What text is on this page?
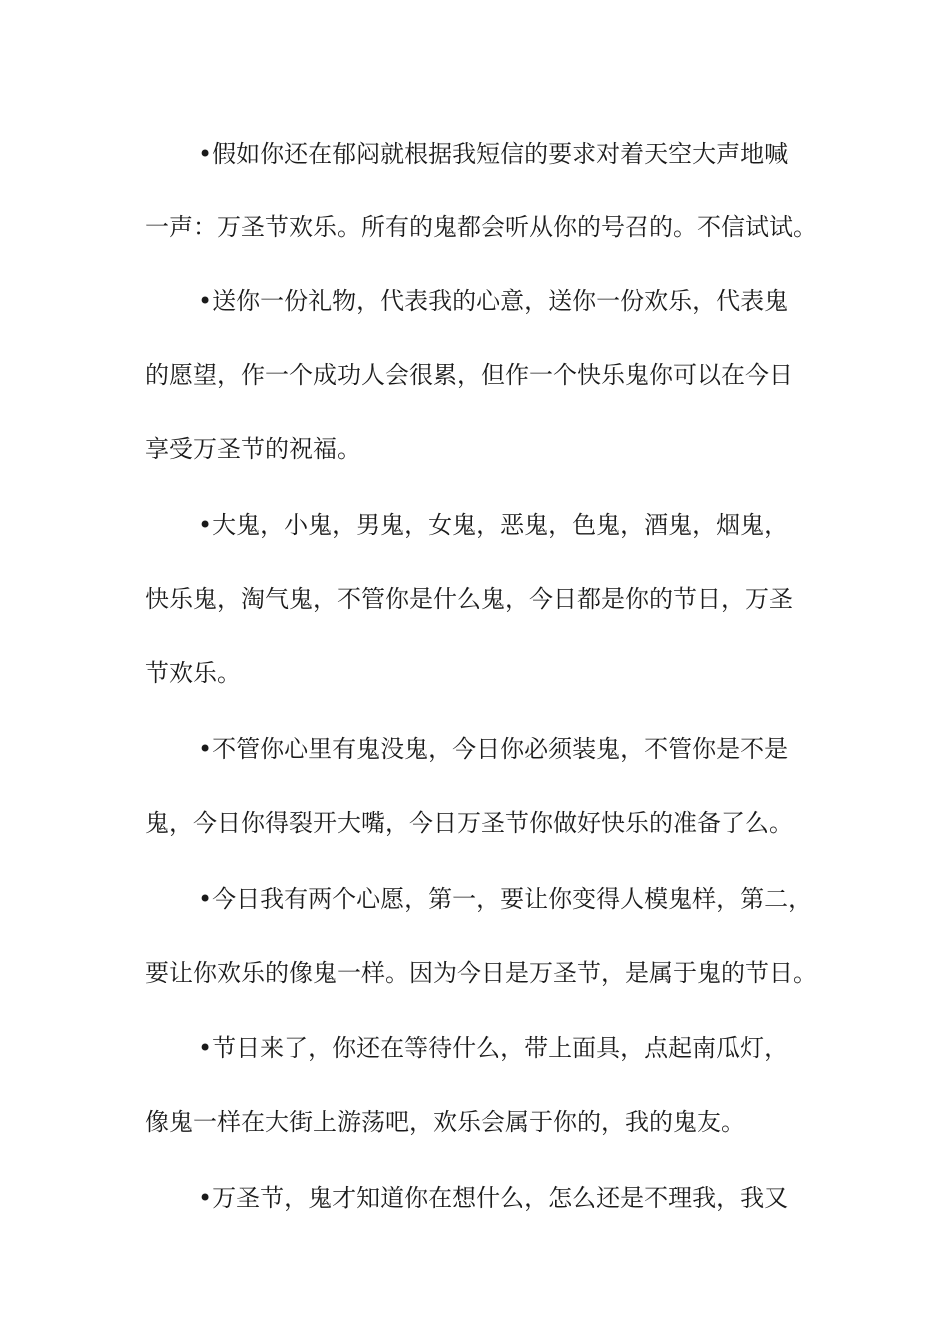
•假如你还在郁闷就根据我短信的要求对着天空大声地喊
一声：万圣节欢乐。所有的鬼都会听从你的号召的。不信试试。
•送你一份礼物，代表我的心意，送你一份欢乐，代表鬼
的愿望，作一个成功人会很累，但作一个快乐鬼你可以在今日
享受万圣节的祝福。
•大鬼，小鬼，男鬼，女鬼，恶鬼，色鬼，酒鬼，烟鬼，
快乐鬼，淘气鬼，不管你是什么鬼，今日都是你的节日，万圣
节欢乐。
•不管你心里有鬼没鬼，今日你必须装鬼，不管你是不是
鬼，今日你得裂开大嘴，今日万圣节你做好快乐的准备了么。
•今日我有两个心愿，第一，要让你变得人模鬼样，第二，
要让你欢乐的像鬼一样。因为今日是万圣节，是属于鬼的节日。
•节日来了，你还在等待什么，带上面具，点起南瓜灯，
像鬼一样在大街上游荡吧，欢乐会属于你的，我的鬼友。
•万圣节，鬼才知道你在想什么，怎么还是不理我，我又
